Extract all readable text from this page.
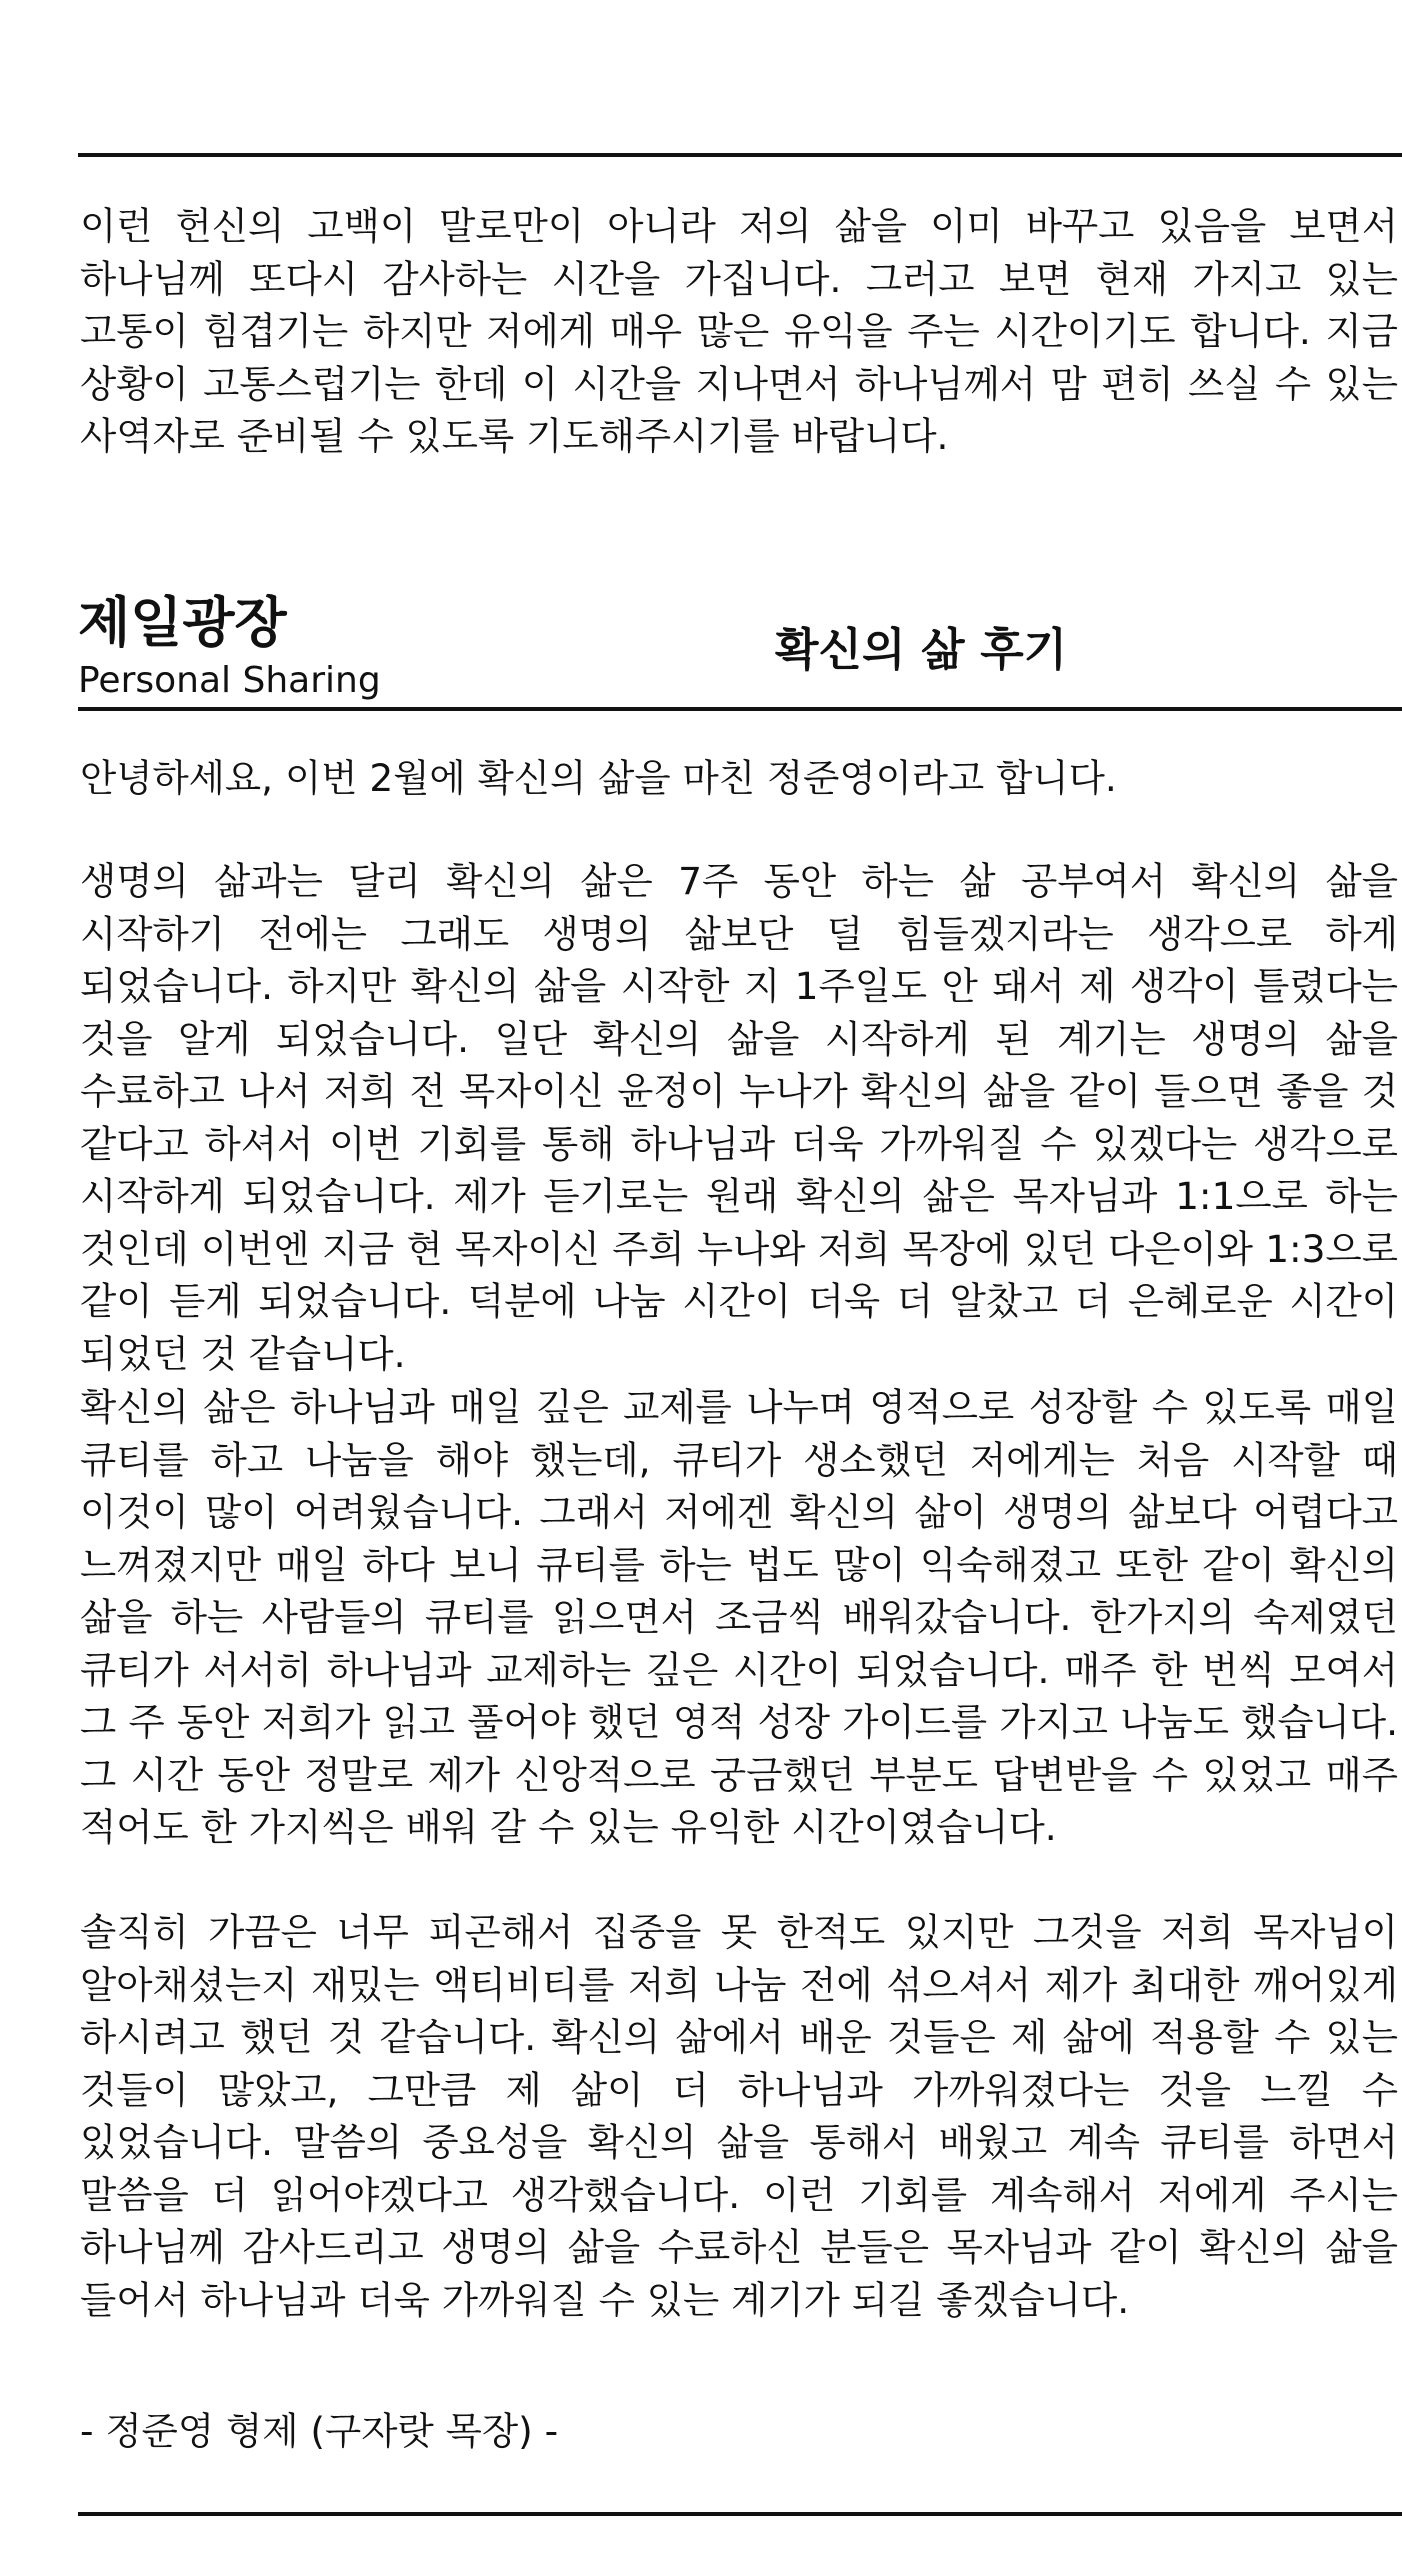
이런 헌신의 고백이 말로만이 아니라 저의 삶을 이미 바꾸고 있음을 보면서 하나님께 또다시 감사하는 시간을 가집니다. 그러고 보면 현재 가지고 있는 고통이 힘겹기는 하지만 저에게 매우 많은 유익을 주는 시간이기도 합니다. 지금 상황이 고통스럽기는 한데 이 시간을 지나면서 하나님께서 맘 편히 쓰실 수 있는 사역자로 준비될 수 있도록 기도해주시기를 바랍니다.

제일광장
Personal Sharing
확신의 삶 후기

안녕하세요, 이번 2월에 확신의 삶을 마친 정준영이라고 합니다.

생명의 삶과는 달리 확신의 삶은 7주 동안 하는 삶 공부여서 확신의 삶을 시작하기 전에는 그래도 생명의 삶보단 덜 힘들겠지라는 생각으로 하게 되었습니다. 하지만 확신의 삶을 시작한 지 1주일도 안 돼서 제 생각이 틀렸다는 것을 알게 되었습니다. 일단 확신의 삶을 시작하게 된 계기는 생명의 삶을 수료하고 나서 저희 전 목자이신 윤정이 누나가 확신의 삶을 같이 들으면 좋을 것 같다고 하셔서 이번 기회를 통해 하나님과 더욱 가까워질 수 있겠다는 생각으로 시작하게 되었습니다. 제가 듣기로는 원래 확신의 삶은 목자님과 1:1으로 하는 것인데 이번엔 지금 현 목자이신 주희 누나와 저희 목장에 있던 다은이와 1:3으로 같이 듣게 되었습니다. 덕분에 나눔 시간이 더욱 더 알찼고 더 은혜로운 시간이 되었던 것 같습니다.

확신의 삶은 하나님과 매일 깊은 교제를 나누며 영적으로 성장할 수 있도록 매일 큐티를 하고 나눔을 해야 했는데, 큐티가 생소했던 저에게는 처음 시작할 때 이것이 많이 어려웠습니다. 그래서 저에겐 확신의 삶이 생명의 삶보다 어렵다고 느껴졌지만 매일 하다 보니 큐티를 하는 법도 많이 익숙해졌고 또한 같이 확신의 삶을 하는 사람들의 큐티를 읽으면서 조금씩 배워갔습니다. 한가지의 숙제였던 큐티가 서서히 하나님과 교제하는 깊은 시간이 되었습니다. 매주 한 번씩 모여서 그 주 동안 저희가 읽고 풀어야 했던 영적 성장 가이드를 가지고 나눔도 했습니다. 그 시간 동안 정말로 제가 신앙적으로 궁금했던 부분도 답변받을 수 있었고 매주 적어도 한 가지씩은 배워 갈 수 있는 유익한 시간이였습니다.

솔직히 가끔은 너무 피곤해서 집중을 못 한적도 있지만 그것을 저희 목자님이 알아채셨는지 재밌는 액티비티를 저희 나눔 전에 섞으셔서 제가 최대한 깨어있게 하시려고 했던 것 같습니다. 확신의 삶에서 배운 것들은 제 삶에 적용할 수 있는 것들이 많았고, 그만큼 제 삶이 더 하나님과 가까워졌다는 것을 느낄 수 있었습니다. 말씀의 중요성을 확신의 삶을 통해서 배웠고 계속 큐티를 하면서 말씀을 더 읽어야겠다고 생각했습니다. 이런 기회를 계속해서 저에게 주시는 하나님께 감사드리고 생명의 삶을 수료하신 분들은 목자님과 같이 확신의 삶을 들어서 하나님과 더욱 가까워질 수 있는 계기가 되길 좋겠습니다.

- 정준영 형제 (구자랏 목장) -
